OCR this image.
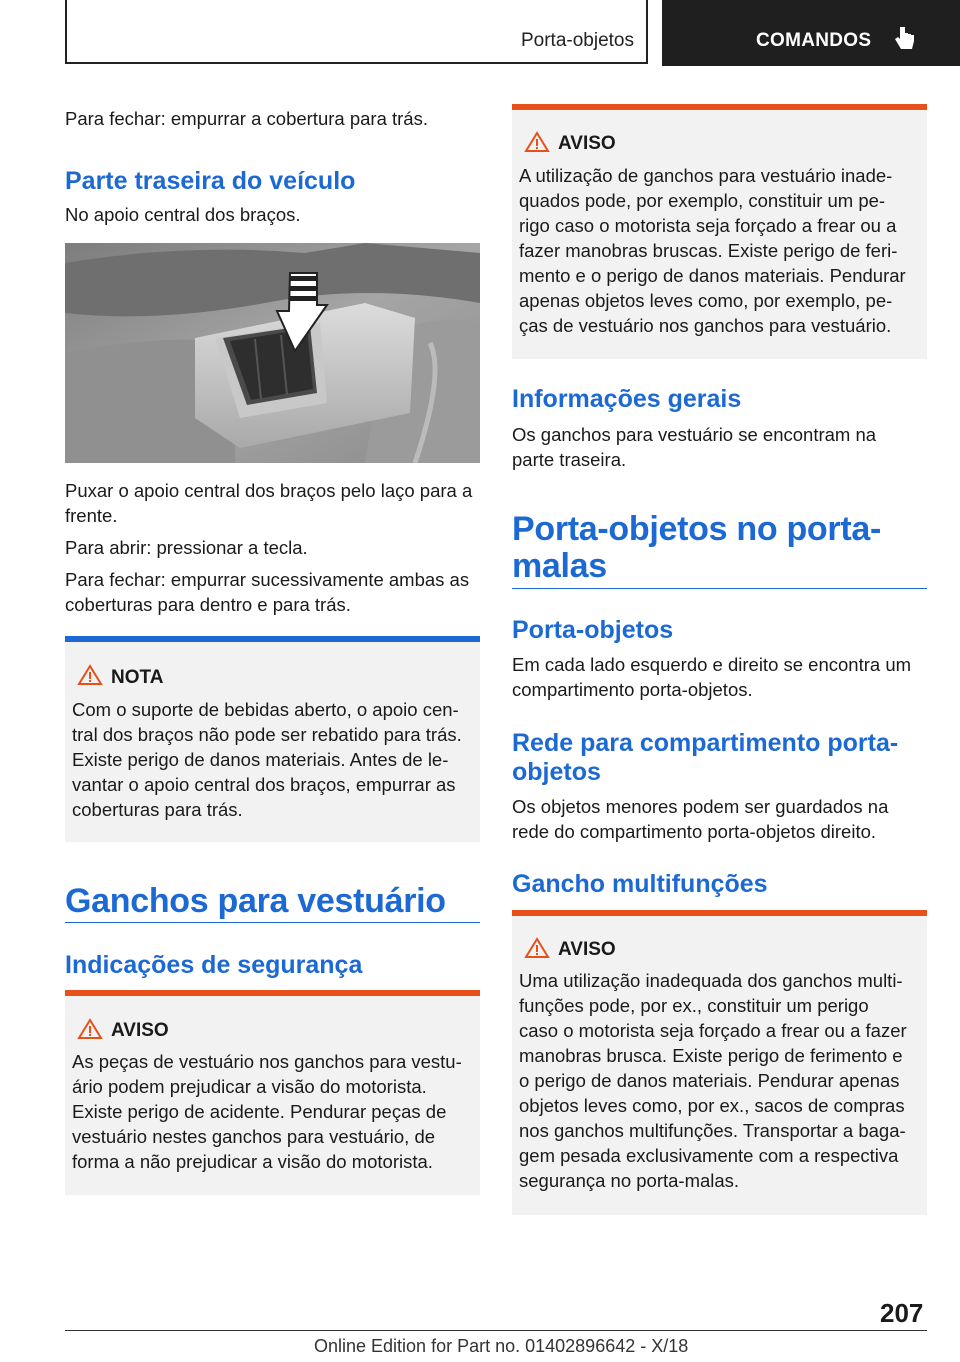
Porta-objetos	COMANDOS

Para fechar: empurrar a cobertura para trás.

Parte traseira do veículo

No apoio central dos braços.

Puxar o apoio central dos braços pelo laço para a

frente.

Para abrir: pressionar a tecla.

Para fechar: empurrar sucessivamente ambas as

coberturas para dentro e para trás.

NOTA

Com o suporte de bebidas aberto, o apoio cen-

tral dos braços não pode ser rebatido para trás.

Existe perigo de danos materiais. Antes de le-

vantar o apoio central dos braços, empurrar as

coberturas para trás.

Ganchos para vestuário
Indicações de segurança
AVISO

As peças de vestuário nos ganchos para vestu-

ário podem prejudicar a visão do motorista.

Existe perigo de acidente. Pendurar peças de

vestuário nestes ganchos para vestuário, de

forma a não prejudicar a visão do motorista.

AVISO

A utilização de ganchos para vestuário inade-

quados pode, por exemplo, constituir um pe-

rigo caso o motorista seja forçado a frear ou a

fazer manobras bruscas. Existe perigo de feri-

mento e o perigo de danos materiais. Pendurar

apenas objetos leves como, por exemplo, pe-

ças de vestuário nos ganchos para vestuário.

Informações gerais

Os ganchos para vestuário se encontram na

parte traseira.

Porta-objetos no porta-
malas
Porta-objetos

Em cada lado esquerdo e direito se encontra um

compartimento porta-objetos.

Rede para compartimento porta-
objetos

Os objetos menores podem ser guardados na

rede do compartimento porta-objetos direito.

Gancho multifunções
AVISO

Uma utilização inadequada dos ganchos multi-

funções pode, por ex., constituir um perigo

caso o motorista seja forçado a frear ou a fazer

manobras brusca. Existe perigo de ferimento e

o perigo de danos materiais. Pendurar apenas

objetos leves como, por ex., sacos de compras

nos ganchos multifunções. Transportar a baga-

gem pesada exclusivamente com a respectiva

segurança no porta-malas.

207
Online Edition for Part no. 01402896642 - X/18
